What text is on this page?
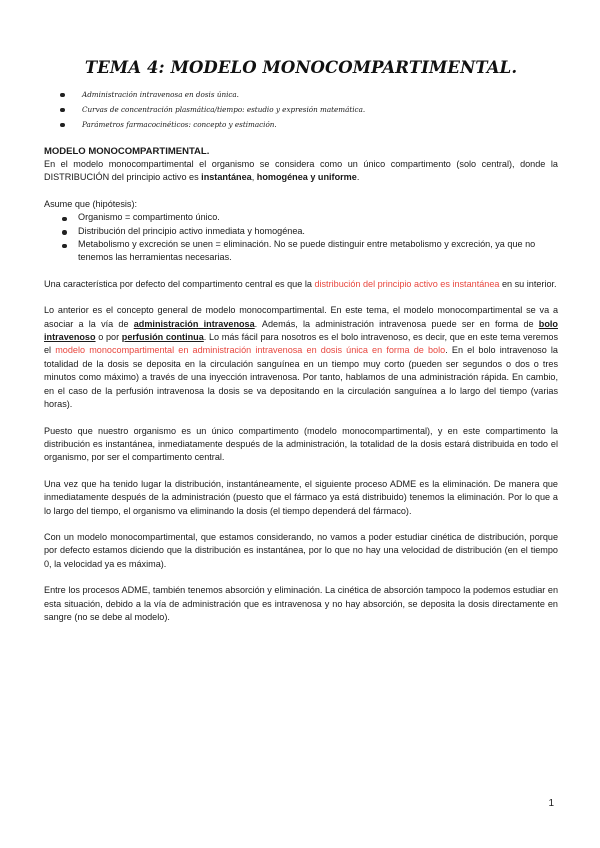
TEMA 4: MODELO MONOCOMPARTIMENTAL.
Administración intravenosa en dosis única.
Curvas de concentración plasmática/tiempo: estudio y expresión matemática.
Parámetros farmacocinéticos: concepto y estimación.
MODELO MONOCOMPARTIMENTAL.

En el modelo monocompartimental el organismo se considera como un único compartimento (solo central), donde la DISTRIBUCIÓN del principio activo es instantánea, homogénea y uniforme.

Asume que (hipótesis):

Organismo = compartimento único.
Distribución del principio activo inmediata y homogénea.
Metabolismo y excreción se unen = eliminación. No se puede distinguir entre metabolismo y excreción, ya que no tenemos las herramientas necesarias.

Una característica por defecto del compartimento central es que la distribución del principio activo es instantánea en su interior.

Lo anterior es el concepto general de modelo monocompartimental. En este tema, el modelo monocompartimental se va a asociar a la vía de administración intravenosa. Además, la administración intravenosa puede ser en forma de bolo intravenoso o por perfusión continua. Lo más fácil para nosotros es el bolo intravenoso, es decir, que en este tema veremos el modelo monocompartimental en administración intravenosa en dosis única en forma de bolo. En el bolo intravenoso la totalidad de la dosis se deposita en la circulación sanguínea en un tiempo muy corto (pueden ser segundos o dos o tres minutos como máximo) a través de una inyección intravenosa. Por tanto, hablamos de una administración rápida. En cambio, en el caso de la perfusión intravenosa la dosis se va depositando en la circulación sanguínea a lo largo del tiempo (varias horas).

Puesto que nuestro organismo es un único compartimento (modelo monocompartimental), y en este compartimento la distribución es instantánea, inmediatamente después de la administración, la totalidad de la dosis estará distribuida en todo el organismo, por ser el compartimento central.

Una vez que ha tenido lugar la distribución, instantáneamente, el siguiente proceso ADME es la eliminación. De manera que inmediatamente después de la administración (puesto que el fármaco ya está distribuido) tenemos la eliminación. Por lo que a lo largo del tiempo, el organismo va eliminando la dosis (el tiempo dependerá del fármaco).

Con un modelo monocompartimental, que estamos considerando, no vamos a poder estudiar cinética de distribución, porque por defecto estamos diciendo que la distribución es instantánea, por lo que no hay una velocidad de distribución (en el tiempo 0, la velocidad ya es máxima).

Entre los procesos ADME, también tenemos absorción y eliminación. La cinética de absorción tampoco la podemos estudiar en esta situación, debido a la vía de administración que es intravenosa y no hay absorción, se deposita la dosis directamente en sangre (no se debe al modelo).

1
